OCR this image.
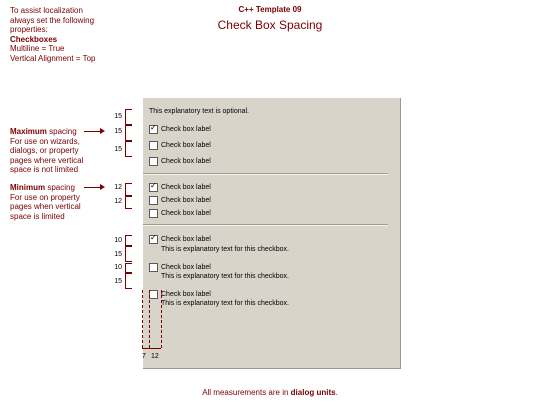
C++ Template 09
Check Box Spacing
To assist localization
always set the following
properties:
Checkboxes
Multiline = True
Vertical Alignment = Top
Maximum spacing
For use on wizards,
dialogs, or property
pages where vertical
space is not limited
Minimum spacing
For use on property
pages when vertical
space is limited
This explanatory text is optional.
✓ Check box label
Check box label
Check box label
✓ Check box label
Check box label
Check box label
✓ Check box label
This is explanatory text for this checkbox.
Check box label
This is explanatory text for this checkbox.
Check box label
This is explanatory text for this checkbox.
15
15
15
12
12
10
15
10
15
7 12
All measurements are in dialog units.
